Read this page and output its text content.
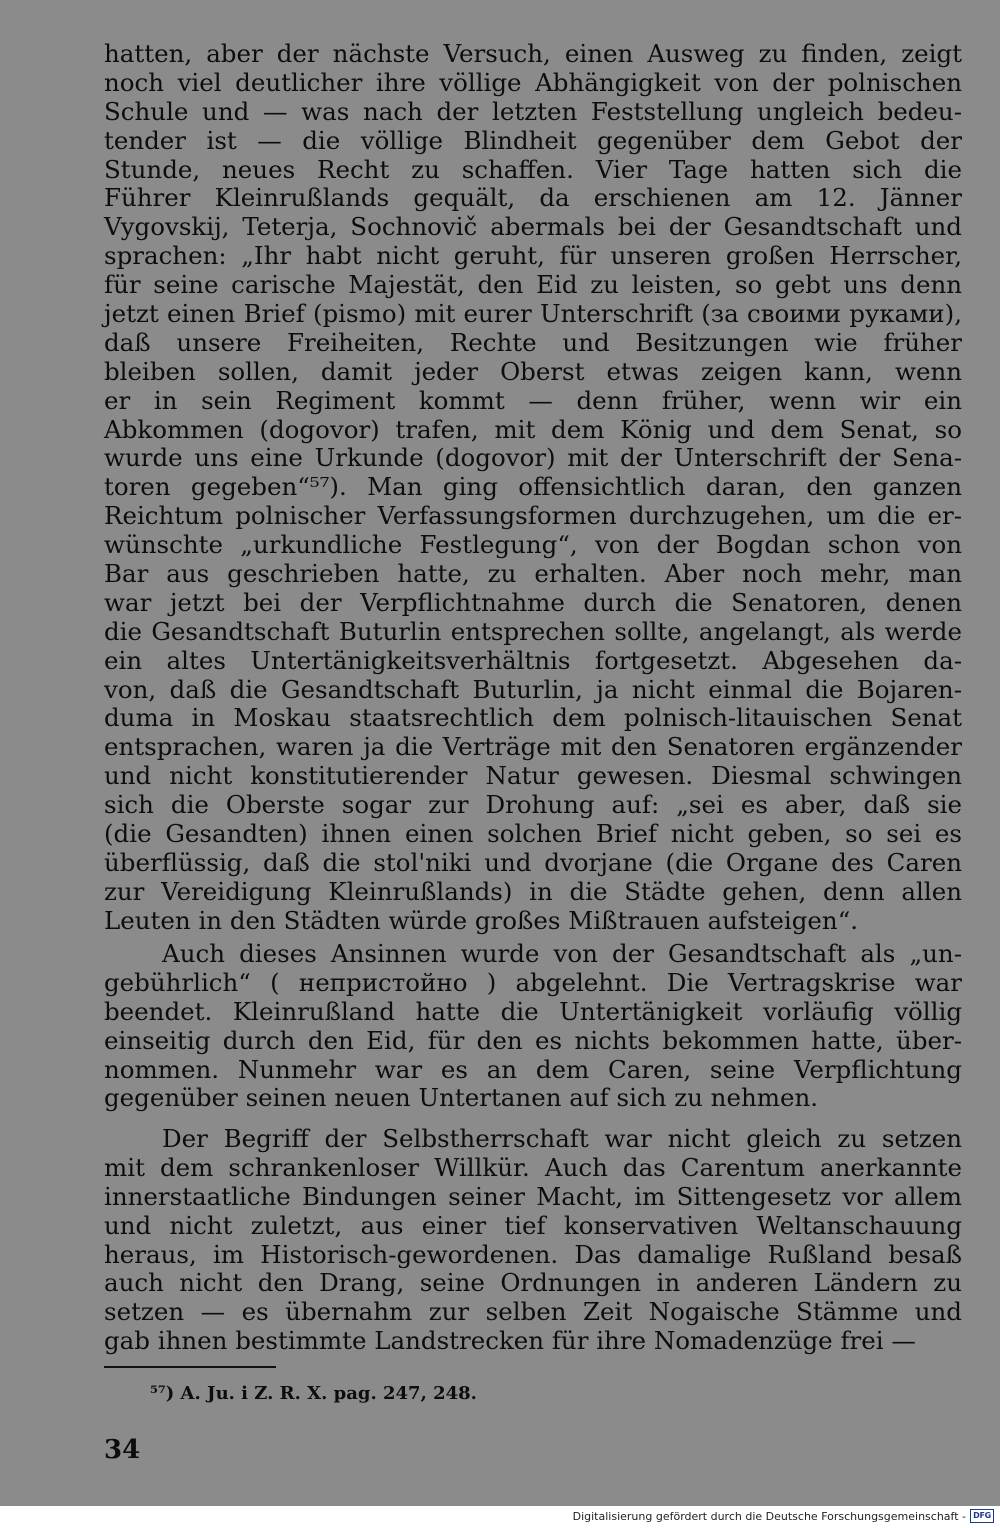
hatten, aber der nächste Versuch, einen Ausweg zu finden, zeigt
noch viel deutlicher ihre völlige Abhängigkeit von der polnischen
Schule und — was nach der letzten Feststellung ungleich bedeu-
tender ist — die völlige Blindheit gegenüber dem Gebot der
Stunde, neues Recht zu schaffen. Vier Tage hatten sich die
Führer Kleinrußlands gequält, da erschienen am 12. Jänner
Vygovskij, Teterja, Sochnovič abermals bei der Gesandtschaft und
sprachen: „Ihr habt nicht geruht, für unseren großen Herrscher,
für seine carische Majestät, den Eid zu leisten, so gebt uns denn
jetzt einen Brief (pismo) mit eurer Unterschrift (за своими руками),
daß unsere Freiheiten, Rechte und Besitzungen wie früher
bleiben sollen, damit jeder Oberst etwas zeigen kann, wenn
er in sein Regiment kommt — denn früher, wenn wir ein
Abkommen (dogovor) trafen, mit dem König und dem Senat, so
wurde uns eine Urkunde (dogovor) mit der Unterschrift der Sena-
toren gegeben“⁵⁷). Man ging offensichtlich daran, den ganzen
Reichtum polnischer Verfassungsformen durchzugehen, um die er-
wünschte „urkundliche Festlegung“, von der Bogdan schon von
Bar aus geschrieben hatte, zu erhalten. Aber noch mehr, man
war jetzt bei der Verpflichtnahme durch die Senatoren, denen
die Gesandtschaft Buturlin entsprechen sollte, angelangt, als werde
ein altes Untertänigkeitsverhältnis fortgesetzt. Abgesehen da-
von, daß die Gesandtschaft Buturlin, ja nicht einmal die Bojaren-
duma in Moskau staatsrechtlich dem polnisch-litauischen Senat
entsprachen, waren ja die Verträge mit den Senatoren ergänzender
und nicht konstitutierender Natur gewesen. Diesmal schwingen
sich die Oberste sogar zur Drohung auf: „sei es aber, daß sie
(die Gesandten) ihnen einen solchen Brief nicht geben, so sei es
überflüssig, daß die stol'niki und dvorjane (die Organe des Caren
zur Vereidigung Kleinrußlands) in die Städte gehen, denn allen
Leuten in den Städten würde großes Mißtrauen aufsteigen“.
Auch dieses Ansinnen wurde von der Gesandtschaft als „un-
gebührlich“ ( непристойно ) abgelehnt. Die Vertragskrise war
beendet. Kleinrußland hatte die Untertänigkeit vorläufig völlig
einseitig durch den Eid, für den es nichts bekommen hatte, über-
nommen. Nunmehr war es an dem Caren, seine Verpflichtung
gegenüber seinen neuen Untertanen auf sich zu nehmen.
Der Begriff der Selbstherrschaft war nicht gleich zu setzen
mit dem schrankenloser Willkür. Auch das Carentum anerkannte
innerstaatliche Bindungen seiner Macht, im Sittengesetz vor allem
und nicht zuletzt, aus einer tief konservativen Weltanschauung
heraus, im Historisch-gewordenen. Das damalige Rußland besaß
auch nicht den Drang, seine Ordnungen in anderen Ländern zu
setzen — es übernahm zur selben Zeit Nogaische Stämme und
gab ihnen bestimmte Landstrecken für ihre Nomadenzüge frei —
⁵⁷) A. Ju. i Z. R. X. pag. 247, 248.
34
Digitalisierung gefördert durch die Deutsche Forschungsgemeinschaft - DFG
